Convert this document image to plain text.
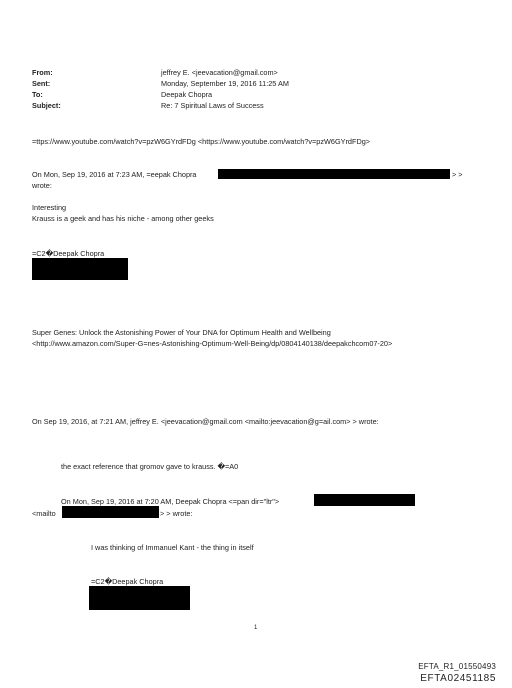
From:	jeffrey E. <jeevacation@gmail.com>
Sent:	Monday, September 19, 2016 11:25 AM
To:	Deepak Chopra
Subject:	Re: 7 Spiritual Laws of Success
=ttps://www.youtube.com/watch?v=pzW6GYrdFDg <https://www.youtube.com/watch?v=pzW6GYrdFDg>
On Mon, Sep 19, 2016 at 7:23 AM, =eepak Chopra	> >
wrote:
Interesting
Krauss is a geek and has his niche - among other geeks
=C2�Deepak Chopra
Super Genes: Unlock the Astonishing Power of Your DNA for Optimum Health and Wellbeing
<http://www.amazon.com/Super-G=nes-Astonishing-Optimum-Well-Being/dp/0804140138/deepakchcom07-20>
On Sep 19, 2016, at 7:21 AM, jeffrey E. <jeevacation@gmail.com <mailto:jeevacation@g=ail.com> > wrote:
the exact reference that gromov gave to krauss. �=A0
On Mon, Sep 19, 2016 at 7:20 AM, Deepak Chopra <=pan dir="ltr">
<mailto	> > wrote:
I was thinking of Immanuel Kant - the thing in itself
=C2�Deepak Chopra
1
EFTA_R1_01550493
EFTA02451185
